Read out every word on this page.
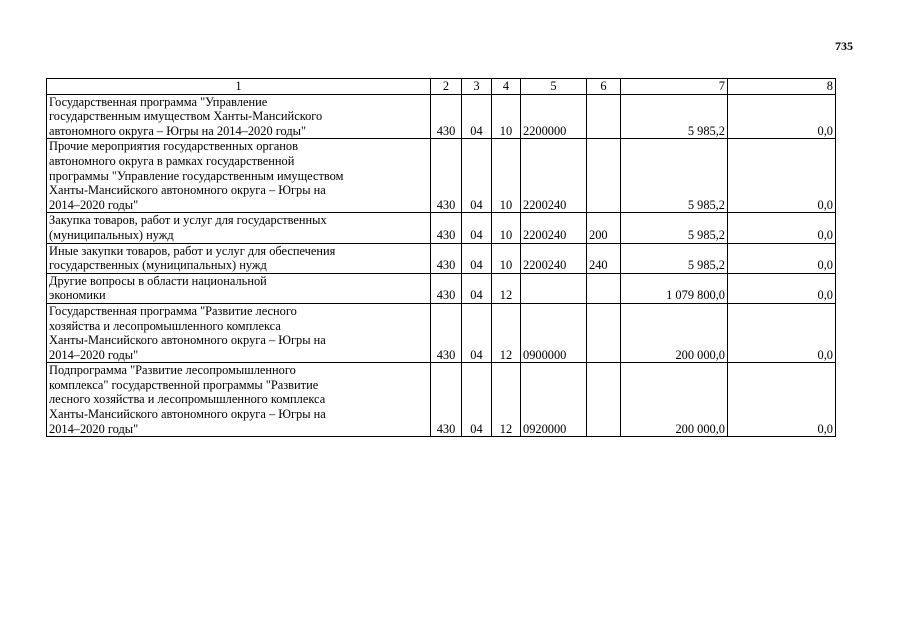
735
1	2	3	4	5	6	7	8

Государственная программа "Управление
государственным имуществом Ханты-Мансийского
автономного округа – Югры на 2014–2020 годы"	430	04	10	2200000		5 985,2	0,0

Прочие мероприятия государственных органов
автономного округа в рамках государственной
программы "Управление государственным имуществом
Ханты-Мансийского автономного округа – Югры на
2014–2020 годы"	430	04	10	2200240		5 985,2	0,0

Закупка товаров, работ и услуг для государственных
(муниципальных) нужд	430	04	10	2200240	200	5 985,2	0,0

Иные закупки товаров, работ и услуг для обеспечения
государственных (муниципальных) нужд	430	04	10	2200240	240	5 985,2	0,0

Другие вопросы в области национальной
экономики	430	04	12			1 079 800,0	0,0

Государственная программа "Развитие лесного
хозяйства и лесопромышленного комплекса
Ханты-Мансийского автономного округа – Югры на
2014–2020 годы"	430	04	12	0900000		200 000,0	0,0

Подпрограмма "Развитие лесопромышленного
комплекса" государственной программы "Развитие
лесного хозяйства и лесопромышленного комплекса
Ханты-Мансийского автономного округа – Югры на
2014–2020 годы"	430	04	12	0920000		200 000,0	0,0
